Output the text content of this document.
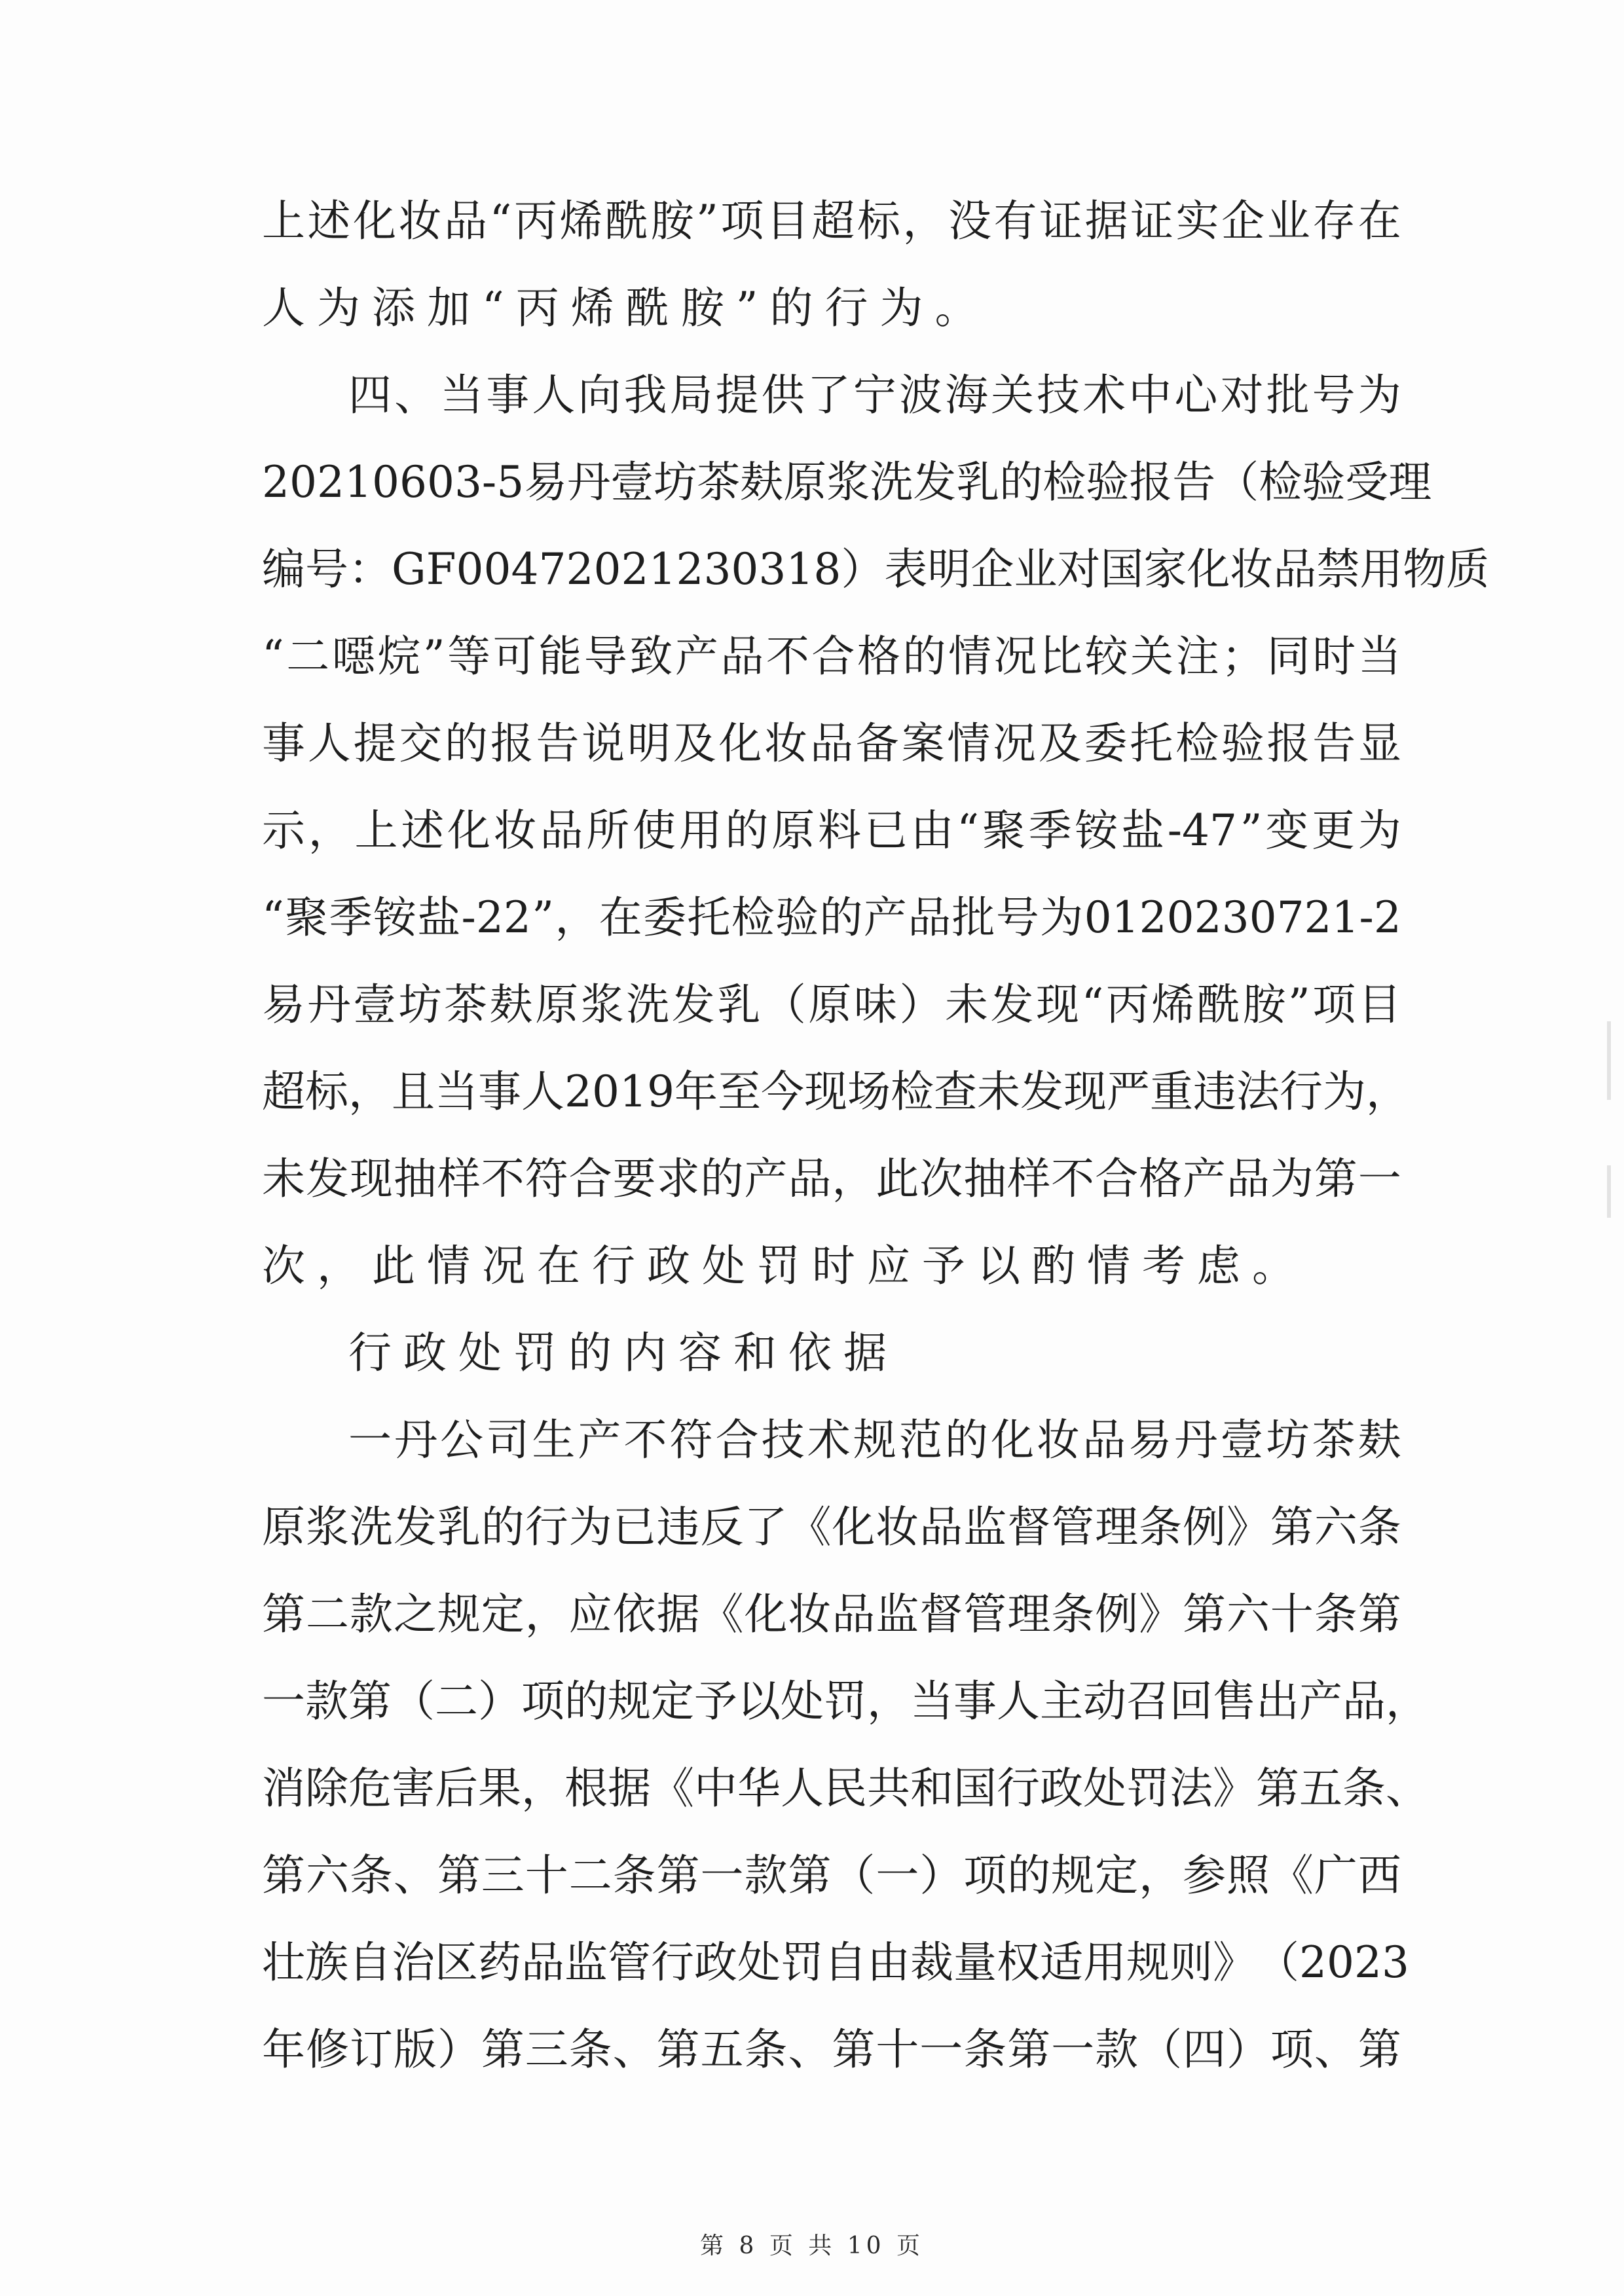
上 述 化 妆 品 “ 丙 烯 酰 胺 ” 项 目 超 标 ， 没 有 证 据 证 实 企 业 存 在
人为添加“丙烯酰胺”的行为。
四 、 当 事 人 向 我 局 提 供 了 宁 波 海 关 技 术 中 心 对 批 号 为
20210603-5 易 丹 壹 坊 茶 麸 原 浆 洗 发 乳 的 检 验 报 告 （ 检 验 受 理
编 号 ： GF00472021230318 ） 表 明 企 业 对 国 家 化 妆 品 禁 用 物 质
“ 二 噁 烷 ” 等 可 能 导 致 产 品 不 合 格 的 情 况 比 较 关 注 ； 同 时 当
事 人 提 交 的 报 告 说 明 及 化 妆 品 备 案 情 况 及 委 托 检 验 报 告 显
示 ， 上 述 化 妆 品 所 使 用 的 原 料 已 由 “ 聚 季 铵 盐 -47 ” 变 更 为
“ 聚 季 铵 盐 -22 ” ， 在 委 托 检 验 的 产 品 批 号 为 0120230721-2
易 丹 壹 坊 茶 麸 原 浆 洗 发 乳 （ 原 味 ） 未 发 现 “ 丙 烯 酰 胺 ” 项 目
超 标 ， 且 当 事 人 2019 年 至 今 现 场 检 查 未 发 现 严 重 违 法 行 为 ，
未 发 现 抽 样 不 符 合 要 求 的 产 品 ， 此 次 抽 样 不 合 格 产 品 为 第 一
次，此情况在行政处罚时应予以酌情考虑。
行政处罚的内容和依据
一 丹 公 司 生 产 不 符 合 技 术 规 范 的 化 妆 品 易 丹 壹 坊 茶 麸
原 浆 洗 发 乳 的 行 为 已 违 反 了 《 化 妆 品 监 督 管 理 条 例 》 第 六 条
第 二 款 之 规 定 ， 应 依 据 《 化 妆 品 监 督 管 理 条 例 》 第 六 十 条 第
一 款 第 （ 二 ） 项 的 规 定 予 以 处 罚 ， 当 事 人 主 动 召 回 售 出 产 品 ，
消 除 危 害 后 果 ， 根 据 《 中 华 人 民 共 和 国 行 政 处 罚 法 》 第 五 条 、
第 六 条 、 第 三 十 二 条 第 一 款 第 （ 一 ） 项 的 规 定 ， 参 照 《 广 西
壮 族 自 治 区 药 品 监 管 行 政 处 罚 自 由 裁 量 权 适 用 规 则 》 （ 2023
年 修 订 版 ） 第 三 条 、 第 五 条 、 第 十 一 条 第 一 款 （ 四 ） 项 、 第
第 8 页 共 10 页
